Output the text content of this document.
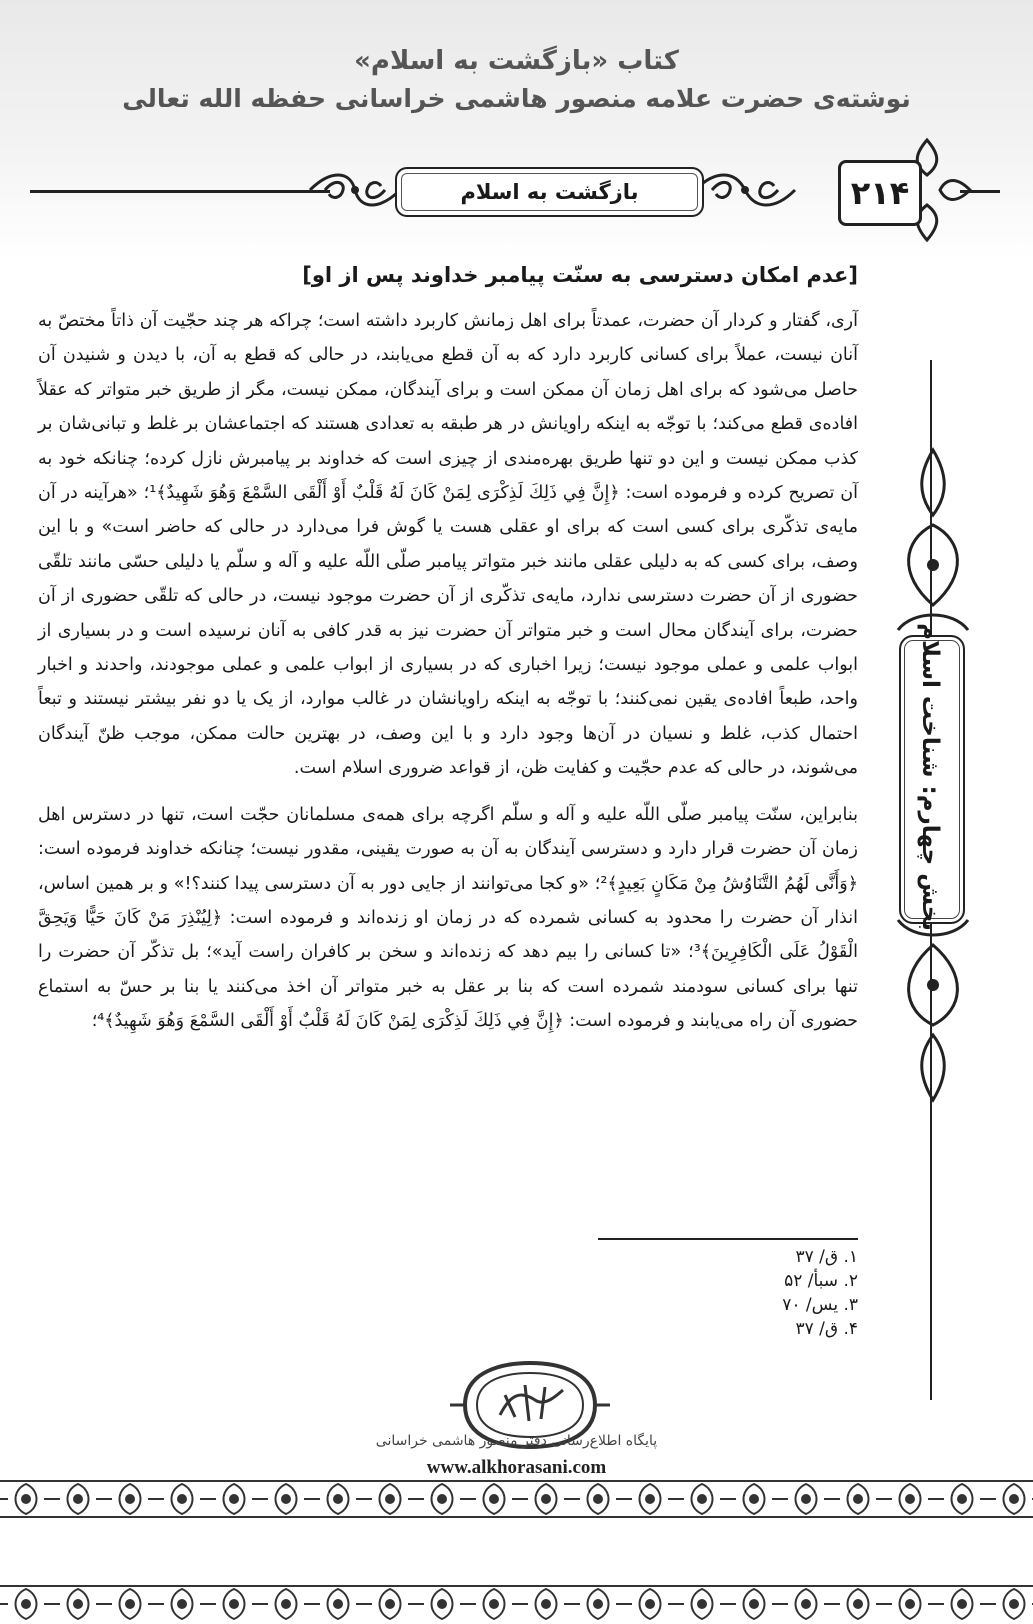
کتاب «بازگشت به اسلام»
نوشته‌ی حضرت علامه منصور هاشمی خراسانی حفظه الله تعالی
بازگشت به اسلام	۲۱۴
بخش چهارم: شناخت اسلام
[عدم امکان دسترسی به سنّت پیامبر خداوند پس از او]

آری، گفتار و کردار آن حضرت، عمدتاً برای اهل زمانش کاربرد داشته است؛ چراکه هر چند حجّیت آن ذاتاً مختصّ به آنان نیست، عملاً برای کسانی کاربرد دارد که به آن قطع می‌یابند، در حالی که قطع به آن، با دیدن و شنیدن آن حاصل می‌شود که برای اهل زمان آن ممکن است و برای آیندگان، ممکن نیست، مگر از طریق خبر متواتر که عقلاً افاده‌ی قطع می‌کند؛ با توجّه به اینکه راویانش در هر طبقه به تعدادی هستند که اجتماعشان بر غلط و تبانی‌شان بر کذب ممکن نیست و این دو تنها طریق بهره‌مندی از چیزی است که خداوند بر پیامبرش نازل کرده؛ چنانکه خود به آن تصریح کرده و فرموده است: ﴿إِنَّ فِي ذَلِكَ لَذِكْرَى لِمَنْ كَانَ لَهُ قَلْبٌ أَوْ أَلْقَى السَّمْعَ وَهُوَ شَهِيدٌ﴾¹؛ «هرآینه در آن مایه‌ی تذکّری برای کسی است که برای او عقلی هست یا گوش فرا می‌دارد در حالی که حاضر است» و با این وصف، برای کسی که به دلیلی عقلی مانند خبر متواتر پیامبر صلّی اللّه علیه و آله و سلّم یا دلیلی حسّی مانند تلقّی حضوری از آن حضرت دسترسی ندارد، مایه‌ی تذکّری از آن حضرت موجود نیست، در حالی که تلقّی حضوری از آن حضرت، برای آیندگان محال است و خبر متواتر آن حضرت نیز به قدر کافی به آنان نرسیده است و در بسیاری از ابواب علمی و عملی موجود نیست؛ زیرا اخباری که در بسیاری از ابواب علمی و عملی موجودند، واحدند و اخبار واحد، طبعاً افاده‌ی یقین نمی‌کنند؛ با توجّه به اینکه راویانشان در غالب موارد، از یک یا دو نفر بیشتر نیستند و تبعاً احتمال کذب، غلط و نسیان در آن‌ها وجود دارد و با این وصف، در بهترین حالت ممکن، موجب ظنّ آیندگان می‌شوند، در حالی که عدم حجّیت و کفایت ظن، از قواعد ضروری اسلام است.

بنابراین، سنّت پیامبر صلّی اللّه علیه و آله و سلّم اگرچه برای همه‌ی مسلمانان حجّت است، تنها در دسترس اهل زمان آن حضرت قرار دارد و دسترسی آیندگان به آن به صورت یقینی، مقدور نیست؛ چنانکه خداوند فرموده است: ﴿وَأَنَّى لَهُمُ التَّنَاوُشُ مِنْ مَكَانٍ بَعِيدٍ﴾²؛ «و کجا می‌توانند از جایی دور به آن دسترسی پیدا کنند؟!» و بر همین اساس، انذار آن حضرت را محدود به کسانی شمرده که در زمان او زنده‌اند و فرموده است: ﴿لِيُنْذِرَ مَنْ كَانَ حَيًّا وَيَحِقَّ الْقَوْلُ عَلَى الْكَافِرِينَ﴾³؛ «تا کسانی را بیم دهد که زنده‌اند و سخن بر کافران راست آید»؛ بل تذکّر آن حضرت را تنها برای کسانی سودمند شمرده است که بنا بر عقل به خبر متواتر آن اخذ می‌کنند یا بنا بر حسّ به استماع حضوری آن راه می‌یابند و فرموده است: ﴿إِنَّ فِي ذَلِكَ لَذِكْرَى لِمَنْ كَانَ لَهُ قَلْبٌ أَوْ أَلْقَى السَّمْعَ وَهُوَ شَهِيدٌ﴾⁴؛

۱. ق/ ۳۷
۲. سبأ/ ۵۲
۳. یس/ ۷۰
۴. ق/ ۳۷
پایگاه اطلاع‌رسانی دفتر منصور هاشمی خراسانی
www.alkhorasani.com
